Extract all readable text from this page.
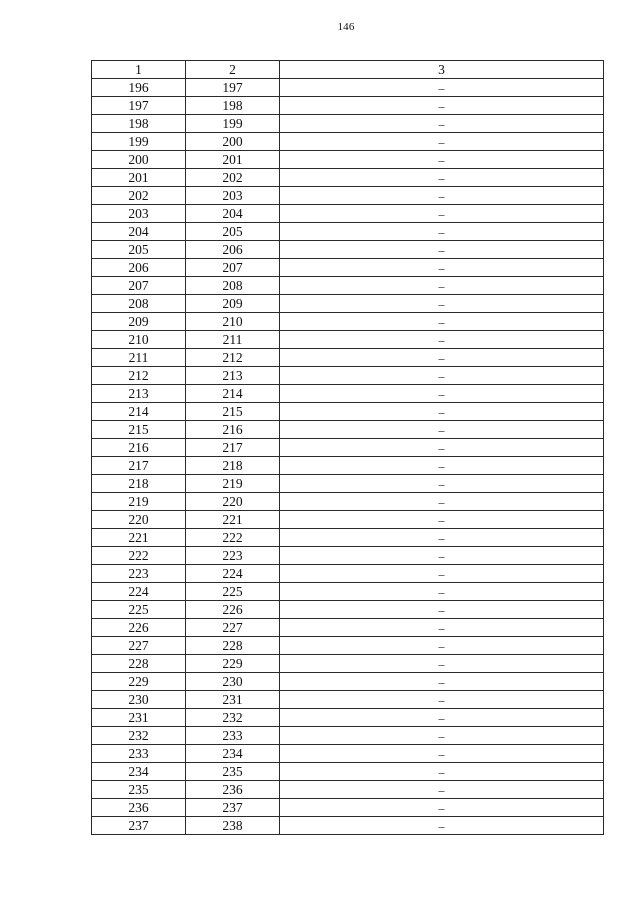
146
1	2	3
196	197	–
197	198	–
198	199	–
199	200	–
200	201	–
201	202	–
202	203	–
203	204	–
204	205	–
205	206	–
206	207	–
207	208	–
208	209	–
209	210	–
210	211	–
211	212	–
212	213	–
213	214	–
214	215	–
215	216	–
216	217	–
217	218	–
218	219	–
219	220	–
220	221	–
221	222	–
222	223	–
223	224	–
224	225	–
225	226	–
226	227	–
227	228	–
228	229	–
229	230	–
230	231	–
231	232	–
232	233	–
233	234	–
234	235	–
235	236	–
236	237	–
237	238	–
